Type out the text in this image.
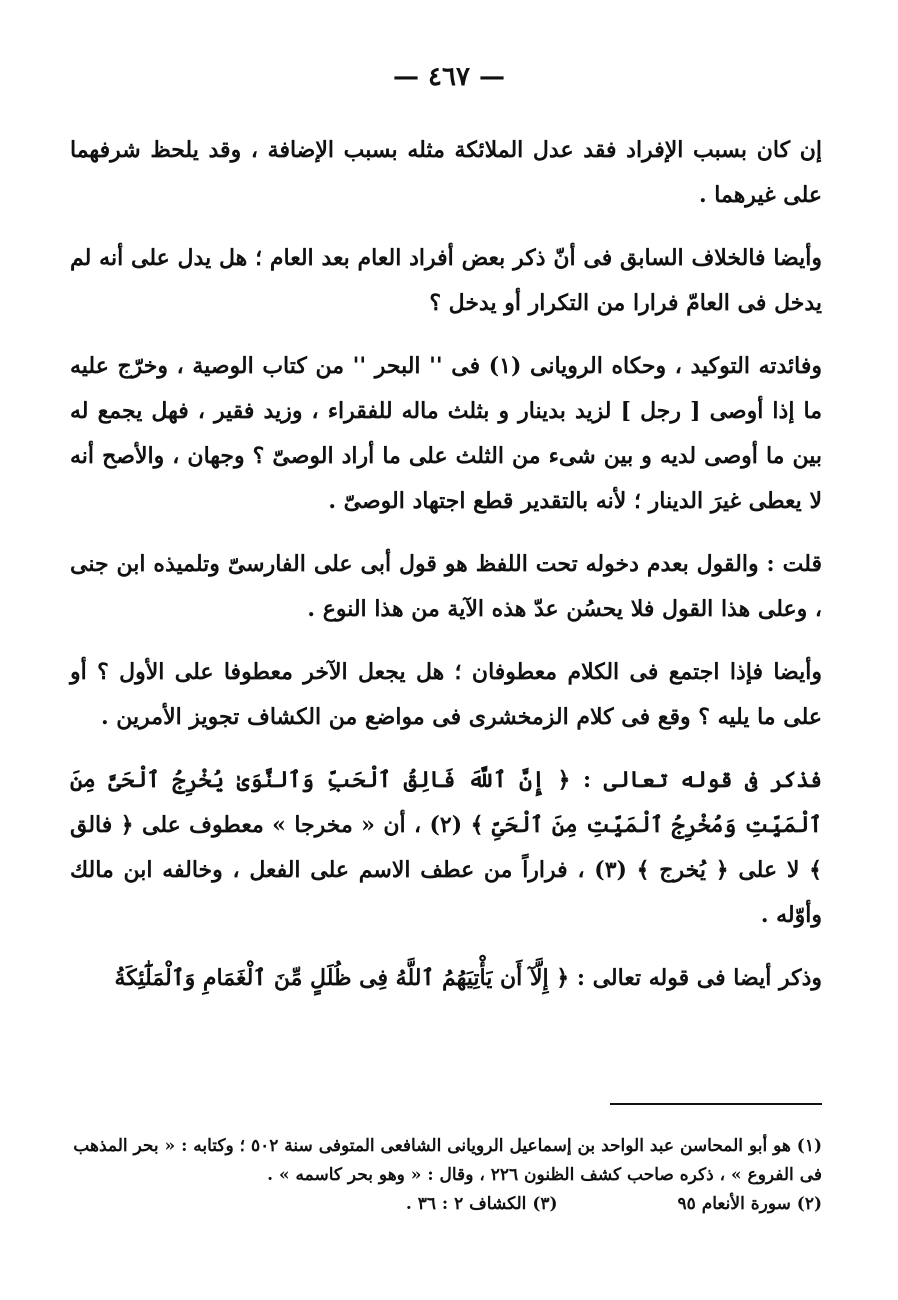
— ٤٦٧ —

إن كان بسبب الإفراد فقد عدل الملائكة مثله بسبب الإضافة ، وقد يلحظ شرفهما على غيرهما .

وأيضا فالخلاف السابق فى أنّ ذكر بعض أفراد العام بعد العام ؛ هل يدل على أنه لم يدخل فى العامّ فرارا من التكرار أو يدخل ؟

وفائدته التوكيد ، وحكاه الرويانى (١) فى '' البحر '' من كتاب الوصية ، وخرّج عليه ما إذا أوصى [ رجل ] لزيد بدينار و بثلث ماله للفقراء ، وزيد فقير ، فهل يجمع له بين ما أوصى لديه و بين شىء من الثلث على ما أراد الوصىّ ؟ وجهان ، والأصح أنه لا يعطى غيرَ الدينار ؛ لأنه بالتقدير قطع اجتهاد الوصىّ .

قلت : والقول بعدم دخوله تحت اللفظ هو قول أبى على الفارسىّ وتلميذه ابن جنى ، وعلى هذا القول فلا يحسُن عدّ هذه الآية من هذا النوع .

وأيضا فإذا اجتمع فى الكلام معطوفان ؛ هل يجعل الآخر معطوفا على الأول ؟ أو على ما يليه ؟ وقع فى كلام الزمخشرى فى مواضع من الكشاف تجويز الأمرين .

فذكر فى قوله تعالى : ﴿ إِنَّ ٱللَّهَ فَالِقُ ٱلْحَبِّ وَٱلنَّوَىٰ يُخْرِجُ ٱلْحَىَّ مِنَ ٱلْمَيِّتِ وَمُخْرِجُ ٱلْمَيِّتِ مِنَ ٱلْحَىِّ ﴾ (٢) ، أن « مخرجا » معطوف على ﴿ فالق ﴾ لا على ﴿ يُخرج ﴾ (٣) ، فراراً من عطف الاسم على الفعل ، وخالفه ابن مالك وأوّله .

وذكر أيضا فى قوله تعالى : ﴿ إِلَّآ أَن يَأْتِيَهُمُ ٱللَّهُ فِى ظُلَلٍ مِّنَ ٱلْغَمَامِ وَٱلْمَلَٰٓئِكَةُ

(١) هو أبو المحاسن عبد الواحد بن إسماعيل الرويانى الشافعى المتوفى سنة ٥٠٢ ؛ وكتابه : « بحر المذهب فى الفروع » ، ذكره صاحب كشف الظنون ٢٢٦ ، وقال : « وهو بحر كاسمه » .

(٢) سورة الأنعام ٩٥
(٣) الكشاف ٢ : ٣٦ .
